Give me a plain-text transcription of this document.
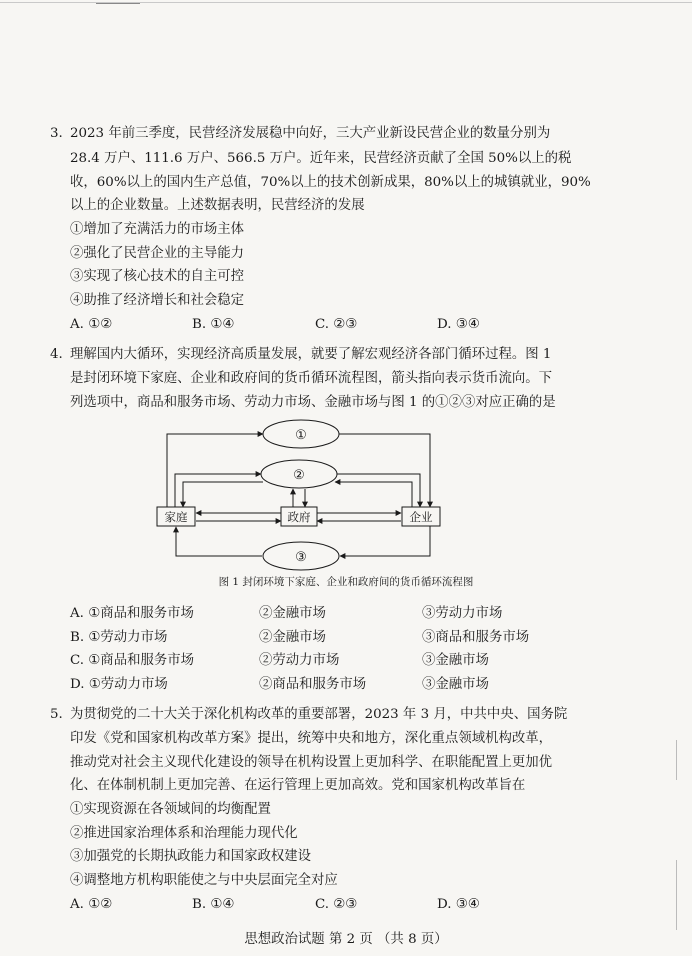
3. 2023 年前三季度，民营经济发展稳中向好，三大产业新设民营企业的数量分别为
28.4 万户、111.6 万户、566.5 万户。近年来，民营经济贡献了全国 50%以上的税
收，60%以上的国内生产总值，70%以上的技术创新成果，80%以上的城镇就业，90%
以上的企业数量。上述数据表明，民营经济的发展
①增加了充满活力的市场主体
②强化了民营企业的主导能力
③实现了核心技术的自主可控
④助推了经济增长和社会稳定
A. ①②	B. ①④	C. ②③	D. ③④
4. 理解国内大循环，实现经济高质量发展，就要了解宏观经济各部门循环过程。图 1
是封闭环境下家庭、企业和政府间的货币循环流程图，箭头指向表示货币流向。下
列选项中，商品和服务市场、劳动力市场、金融市场与图 1 的①②③对应正确的是
①
②
③
家庭	政府	企业
图 1 封闭环境下家庭、企业和政府间的货币循环流程图
A. ①商品和服务市场	②金融市场	③劳动力市场
B. ①劳动力市场	②金融市场	③商品和服务市场
C. ①商品和服务市场	②劳动力市场	③金融市场
D. ①劳动力市场	②商品和服务市场	③金融市场
5. 为贯彻党的二十大关于深化机构改革的重要部署，2023 年 3 月，中共中央、国务院
印发《党和国家机构改革方案》提出，统筹中央和地方，深化重点领域机构改革，
推动党对社会主义现代化建设的领导在机构设置上更加科学、在职能配置上更加优
化、在体制机制上更加完善、在运行管理上更加高效。党和国家机构改革旨在
①实现资源在各领域间的均衡配置
②推进国家治理体系和治理能力现代化
③加强党的长期执政能力和国家政权建设
④调整地方机构职能使之与中央层面完全对应
A. ①②	B. ①④	C. ②③	D. ③④
思想政治试题 第 2 页 （共 8 页）
